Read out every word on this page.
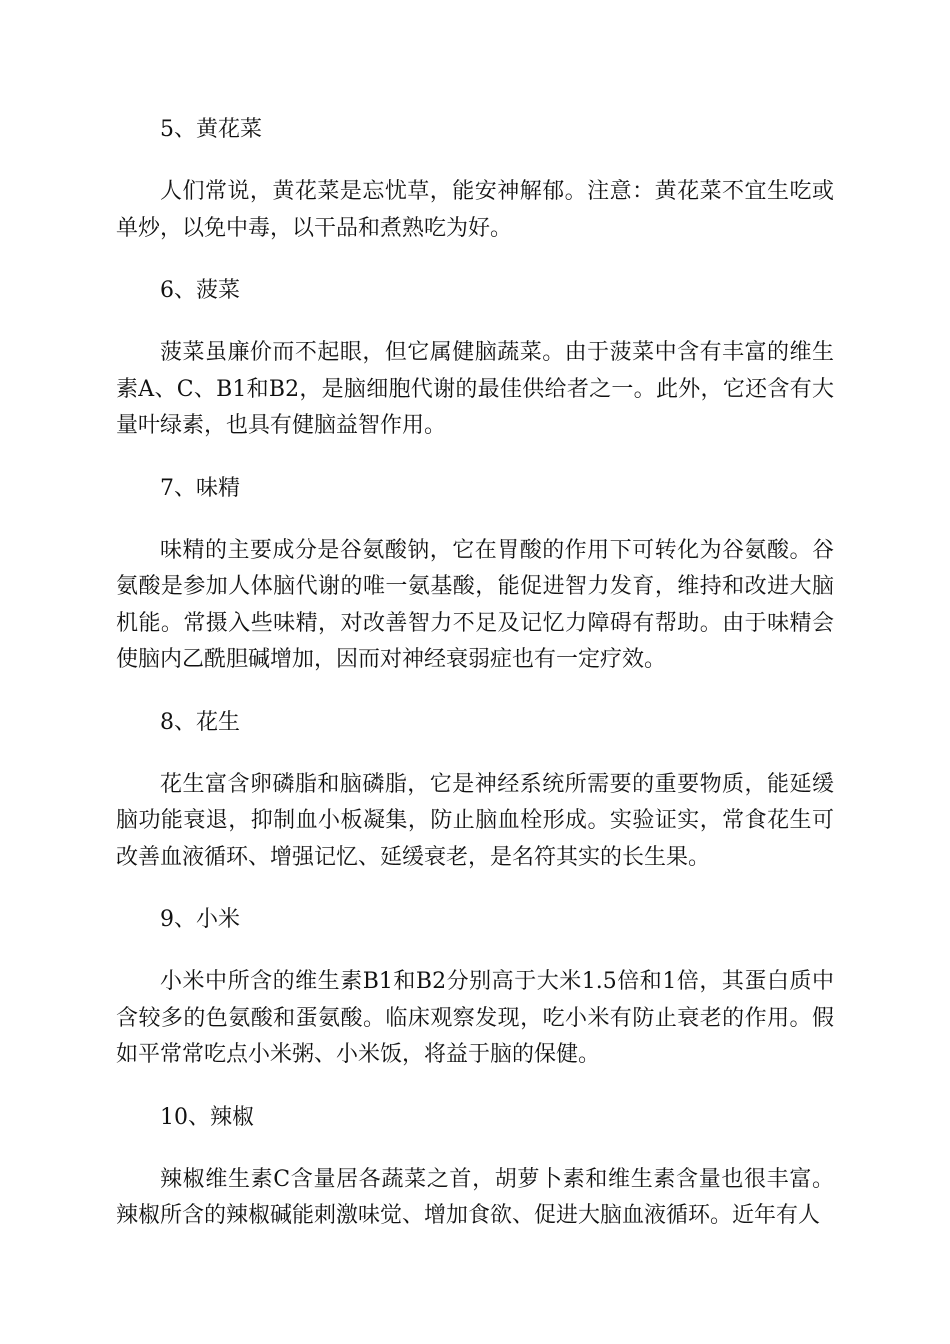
5、黄花菜

人们常说，黄花菜是忘忧草，能安神解郁。注意：黄花菜不宜生吃或单炒，以免中毒，以干品和煮熟吃为好。

6、菠菜

菠菜虽廉价而不起眼，但它属健脑蔬菜。由于菠菜中含有丰富的维生素A、C、B1和B2，是脑细胞代谢的最佳供给者之一。此外，它还含有大量叶绿素，也具有健脑益智作用。

7、味精

味精的主要成分是谷氨酸钠，它在胃酸的作用下可转化为谷氨酸。谷氨酸是参加人体脑代谢的唯一氨基酸，能促进智力发育，维持和改进大脑机能。常摄入些味精，对改善智力不足及记忆力障碍有帮助。由于味精会使脑内乙酰胆碱增加，因而对神经衰弱症也有一定疗效。

8、花生

花生富含卵磷脂和脑磷脂，它是神经系统所需要的重要物质，能延缓脑功能衰退，抑制血小板凝集，防止脑血栓形成。实验证实，常食花生可改善血液循环、增强记忆、延缓衰老，是名符其实的长生果。

9、小米

小米中所含的维生素B1和B2分别高于大米1.5倍和1倍，其蛋白质中含较多的色氨酸和蛋氨酸。临床观察发现，吃小米有防止衰老的作用。假如平常常吃点小米粥、小米饭，将益于脑的保健。

10、辣椒

辣椒维生素C含量居各蔬菜之首，胡萝卜素和维生素含量也很丰富。辣椒所含的辣椒碱能刺激味觉、增加食欲、促进大脑血液循环。近年有人
